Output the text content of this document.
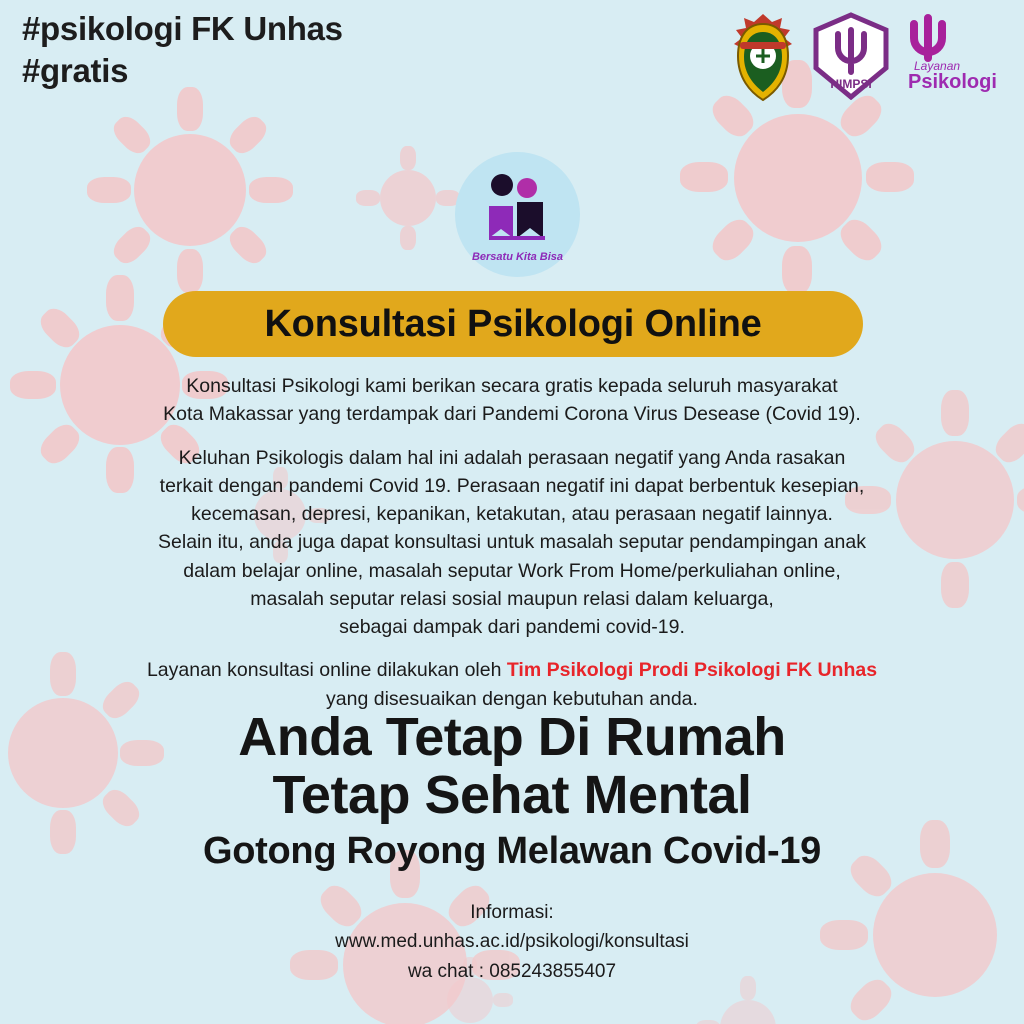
#psikologi FK Unhas
#gratis	HIMPSI
Layanan
Psikologi
Bersatu Kita Bisa
Konsultasi Psikologi Online

Konsultasi Psikologi kami berikan secara gratis kepada seluruh masyarakat
Kota Makassar yang terdampak dari Pandemi Corona Virus Desease (Covid 19).

Keluhan Psikologis dalam hal ini adalah perasaan negatif yang Anda rasakan
terkait dengan pandemi Covid 19. Perasaan negatif ini dapat berbentuk kesepian,
kecemasan, depresi, kepanikan, ketakutan, atau perasaan negatif lainnya.
Selain itu, anda juga dapat konsultasi untuk masalah seputar pendampingan anak
dalam belajar online, masalah seputar Work From Home/perkuliahan online,
masalah seputar relasi sosial maupun relasi dalam keluarga,
sebagai dampak dari pandemi covid-19.

Layanan konsultasi online dilakukan oleh Tim Psikologi Prodi Psikologi FK Unhas
yang disesuaikan dengan kebutuhan anda.

Anda Tetap Di Rumah
Tetap Sehat Mental
Gotong Royong Melawan Covid-19
Informasi:
www.med.unhas.ac.id/psikologi/konsultasi
wa chat : 085243855407
